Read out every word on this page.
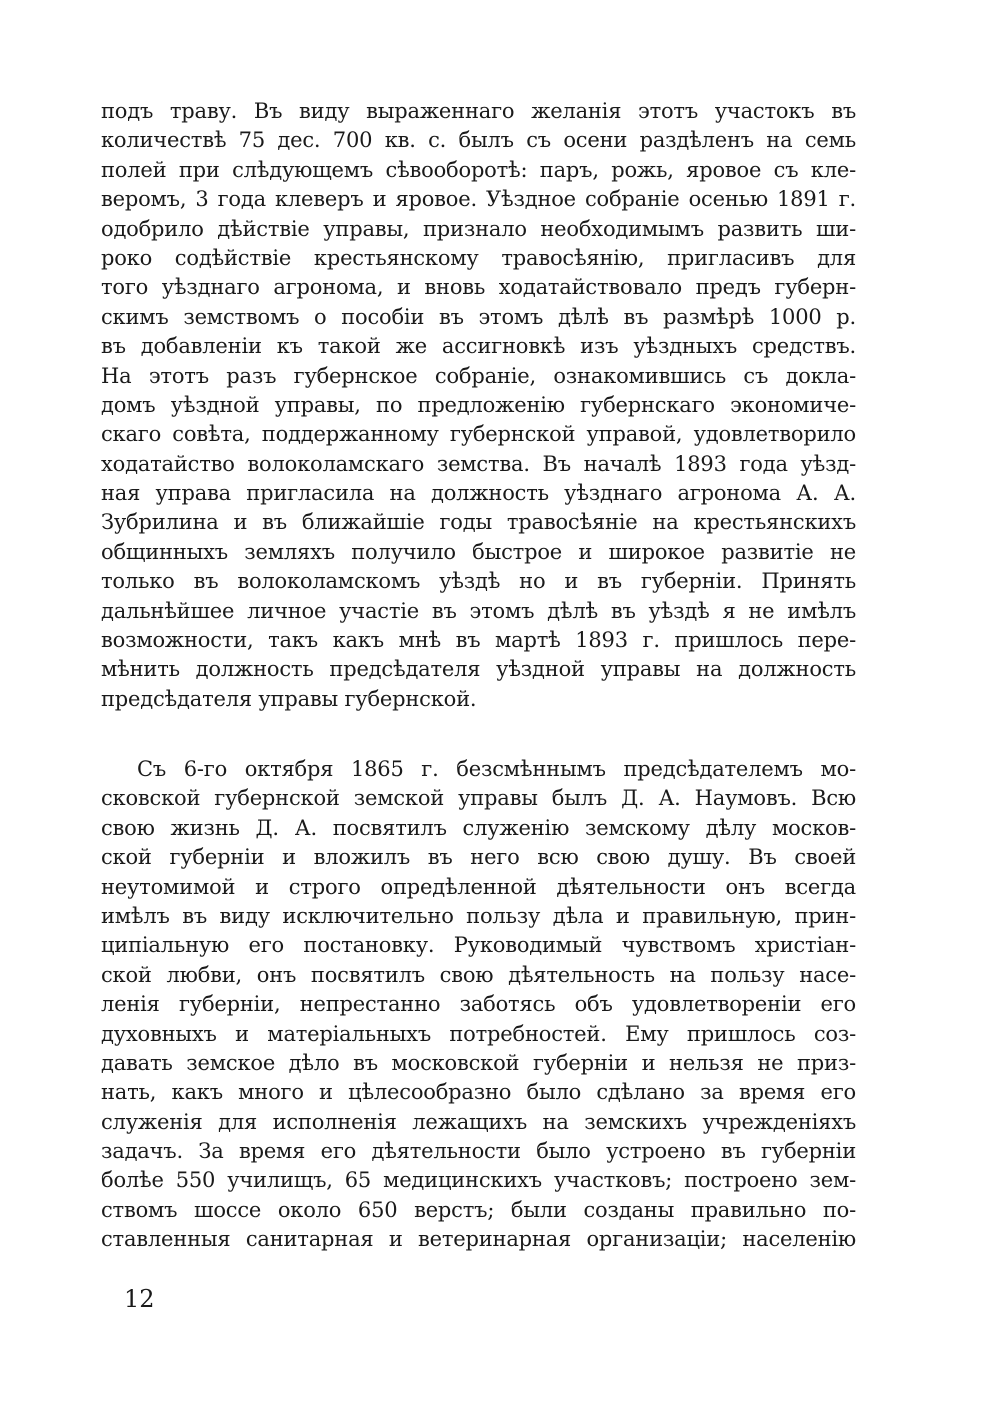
подъ траву. Въ виду выраженнаго желанія этотъ участокъ въ
количествѣ 75 дес. 700 кв. с. былъ съ осени раздѣленъ на семь
полей при слѣдующемъ сѣвооборотѣ: паръ, рожь, яровое съ кле-
веромъ, 3 года клеверъ и яровое. Уѣздное собраніе осенью 1891 г.
одобрило дѣйствіе управы, признало необходимымъ развить ши-
роко содѣйствіе крестьянскому травосѣянію, пригласивъ для
того уѣзднаго агронома, и вновь ходатайствовало предъ губерн-
скимъ земствомъ о пособіи въ этомъ дѣлѣ въ размѣрѣ 1000 р.
въ добавленіи къ такой же ассигновкѣ изъ уѣздныхъ средствъ.
На этотъ разъ губернское собраніе, ознакомившись съ докла-
домъ уѣздной управы, по предложенію губернскаго экономиче-
скаго совѣта, поддержанному губернской управой, удовлетворило
ходатайство волоколамскаго земства. Въ началѣ 1893 года уѣзд-
ная управа пригласила на должность уѣзднаго агронома А. А.
Зубрилина и въ ближайшіе годы травосѣяніе на крестьянскихъ
общинныхъ земляхъ получило быстрое и широкое развитіе не
только въ волоколамскомъ уѣздѣ но и въ губерніи. Принять
дальнѣйшее личное участіе въ этомъ дѣлѣ въ уѣздѣ я не имѣлъ
возможности, такъ какъ мнѣ въ мартѣ 1893 г. пришлось пере-
мѣнить должность предсѣдателя уѣздной управы на должность
предсѣдателя управы губернской.
Съ 6-го октября 1865 г. безсмѣннымъ предсѣдателемъ мо-
сковской губернской земской управы былъ Д. А. Наумовъ. Всю
свою жизнь Д. А. посвятилъ служенію земскому дѣлу москов-
ской губерніи и вложилъ въ него всю свою душу. Въ своей
неутомимой и строго опредѣленной дѣятельности онъ всегда
имѣлъ въ виду исключительно пользу дѣла и правильную, прин-
ципіальную его постановку. Руководимый чувствомъ христіан-
ской любви, онъ посвятилъ свою дѣятельность на пользу насе-
ленія губерніи, непрестанно заботясь объ удовлетвореніи его
духовныхъ и матеріальныхъ потребностей. Ему пришлось соз-
давать земское дѣло въ московской губерніи и нельзя не приз-
нать, какъ много и цѣлесообразно было сдѣлано за время его
служенія для исполненія лежащихъ на земскихъ учрежденіяхъ
задачъ. За время его дѣятельности было устроено въ губерніи
болѣе 550 училищъ, 65 медицинскихъ участковъ; построено зем-
ствомъ шоссе около 650 верстъ; были созданы правильно по-
ставленныя санитарная и ветеринарная организаціи; населенію
12
